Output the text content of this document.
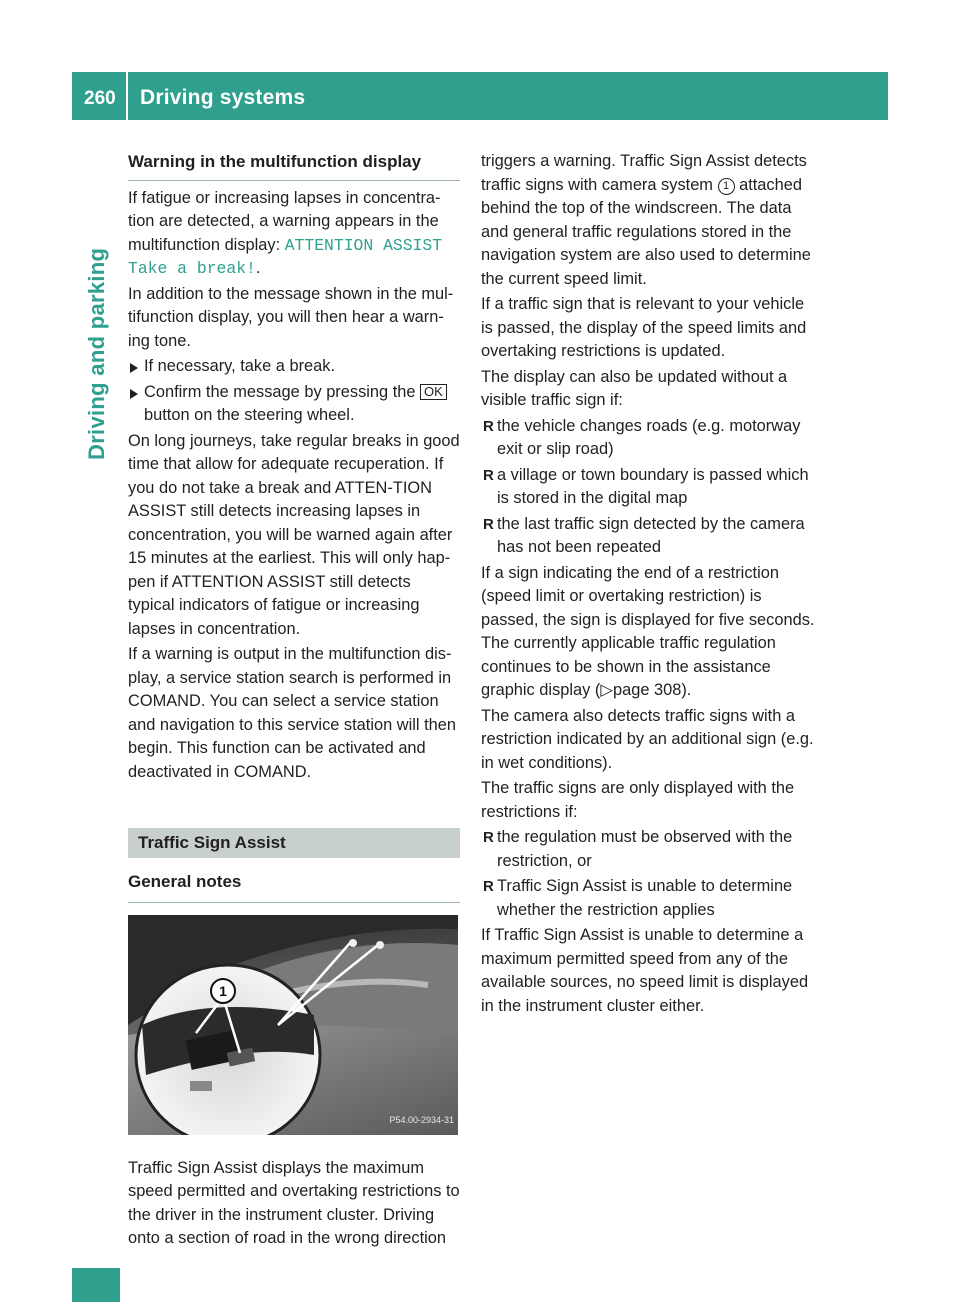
260 Driving systems
Driving and parking
Warning in the multifunction display

If fatigue or increasing lapses in concentra-tion are detected, a warning appears in the multifunction display: ATTENTION ASSIST
Take a break!.

In addition to the message shown in the mul-tifunction display, you will then hear a warn-ing tone.

If necessary, take a break.
Confirm the message by pressing the OK button on the steering wheel.

On long journeys, take regular breaks in good time that allow for adequate recuperation. If you do not take a break and ATTEN-TION ASSIST still detects increasing lapses in concentration, you will be warned again after 15 minutes at the earliest. This will only hap-pen if ATTENTION ASSIST still detects typical indicators of fatigue or increasing lapses in concentration.

If a warning is output in the multifunction dis-play, a service station search is performed in COMAND. You can select a service station and navigation to this service station will then begin. This function can be activated and deactivated in COMAND.

Traffic Sign Assist
General notes
1
P54.00-2934-31

Traffic Sign Assist displays the maximum speed permitted and overtaking restrictions to the driver in the instrument cluster. Driving onto a section of road in the wrong direction

triggers a warning. Traffic Sign Assist detects traffic signs with camera system 1 attached behind the top of the windscreen. The data and general traffic regulations stored in the navigation system are also used to determine the current speed limit.

If a traffic sign that is relevant to your vehicle is passed, the display of the speed limits and overtaking restrictions is updated.

The display can also be updated without a visible traffic sign if:

R the vehicle changes roads (e.g. motorway exit or slip road)
R a village or town boundary is passed which is stored in the digital map
R the last traffic sign detected by the camera has not been repeated

If a sign indicating the end of a restriction (speed limit or overtaking restriction) is passed, the sign is displayed for five seconds. The currently applicable traffic regulation continues to be shown in the assistance graphic display (▷page 308).

The camera also detects traffic signs with a restriction indicated by an additional sign (e.g. in wet conditions).

The traffic signs are only displayed with the restrictions if:

R the regulation must be observed with the restriction, or
R Traffic Sign Assist is unable to determine whether the restriction applies

If Traffic Sign Assist is unable to determine a maximum permitted speed from any of the available sources, no speed limit is displayed in the instrument cluster either.
